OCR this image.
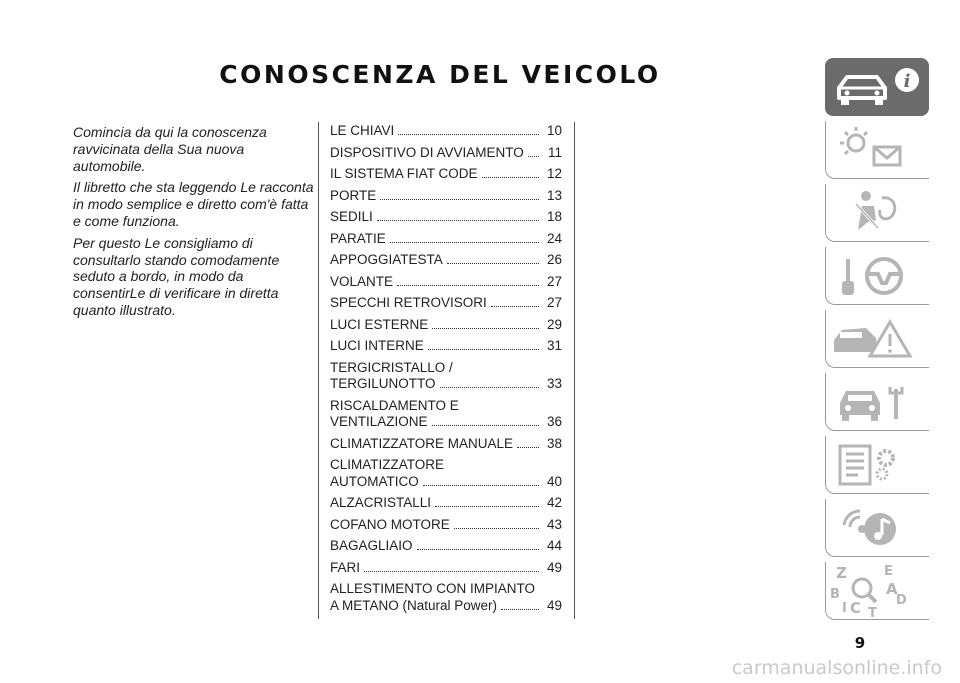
CONOSCENZA DEL VEICOLO

Comincia da qui la conoscenza ravvicinata della Sua nuova automobile.

Il libretto che sta leggendo Le racconta in modo semplice e diretto com'è fatta e come funziona.

Per questo Le consigliamo di consultarlo stando comodamente seduto a bordo, in modo da consentirLe di verificare in diretta quanto illustrato.

LE CHIAVI	10
DISPOSITIVO DI AVVIAMENTO	11
IL SISTEMA FIAT CODE	12
PORTE	13
SEDILI	18
PARATIE	24
APPOGGIATESTA	26
VOLANTE	27
SPECCHI RETROVISORI	27
LUCI ESTERNE	29
LUCI INTERNE	31
TERGICRISTALLO /
TERGILUNOTTO	33
RISCALDAMENTO E
VENTILAZIONE	36
CLIMATIZZATORE MANUALE	38
CLIMATIZZATORE
AUTOMATICO	40
ALZACRISTALLI	42
COFANO MOTORE	43
BAGAGLIAIO	44
FARI	49
ALLESTIMENTO CON IMPIANTO
A METANO (Natural Power)	49
i
Z	E
A
B
C	D
I T
9
carmanualsonline.info
